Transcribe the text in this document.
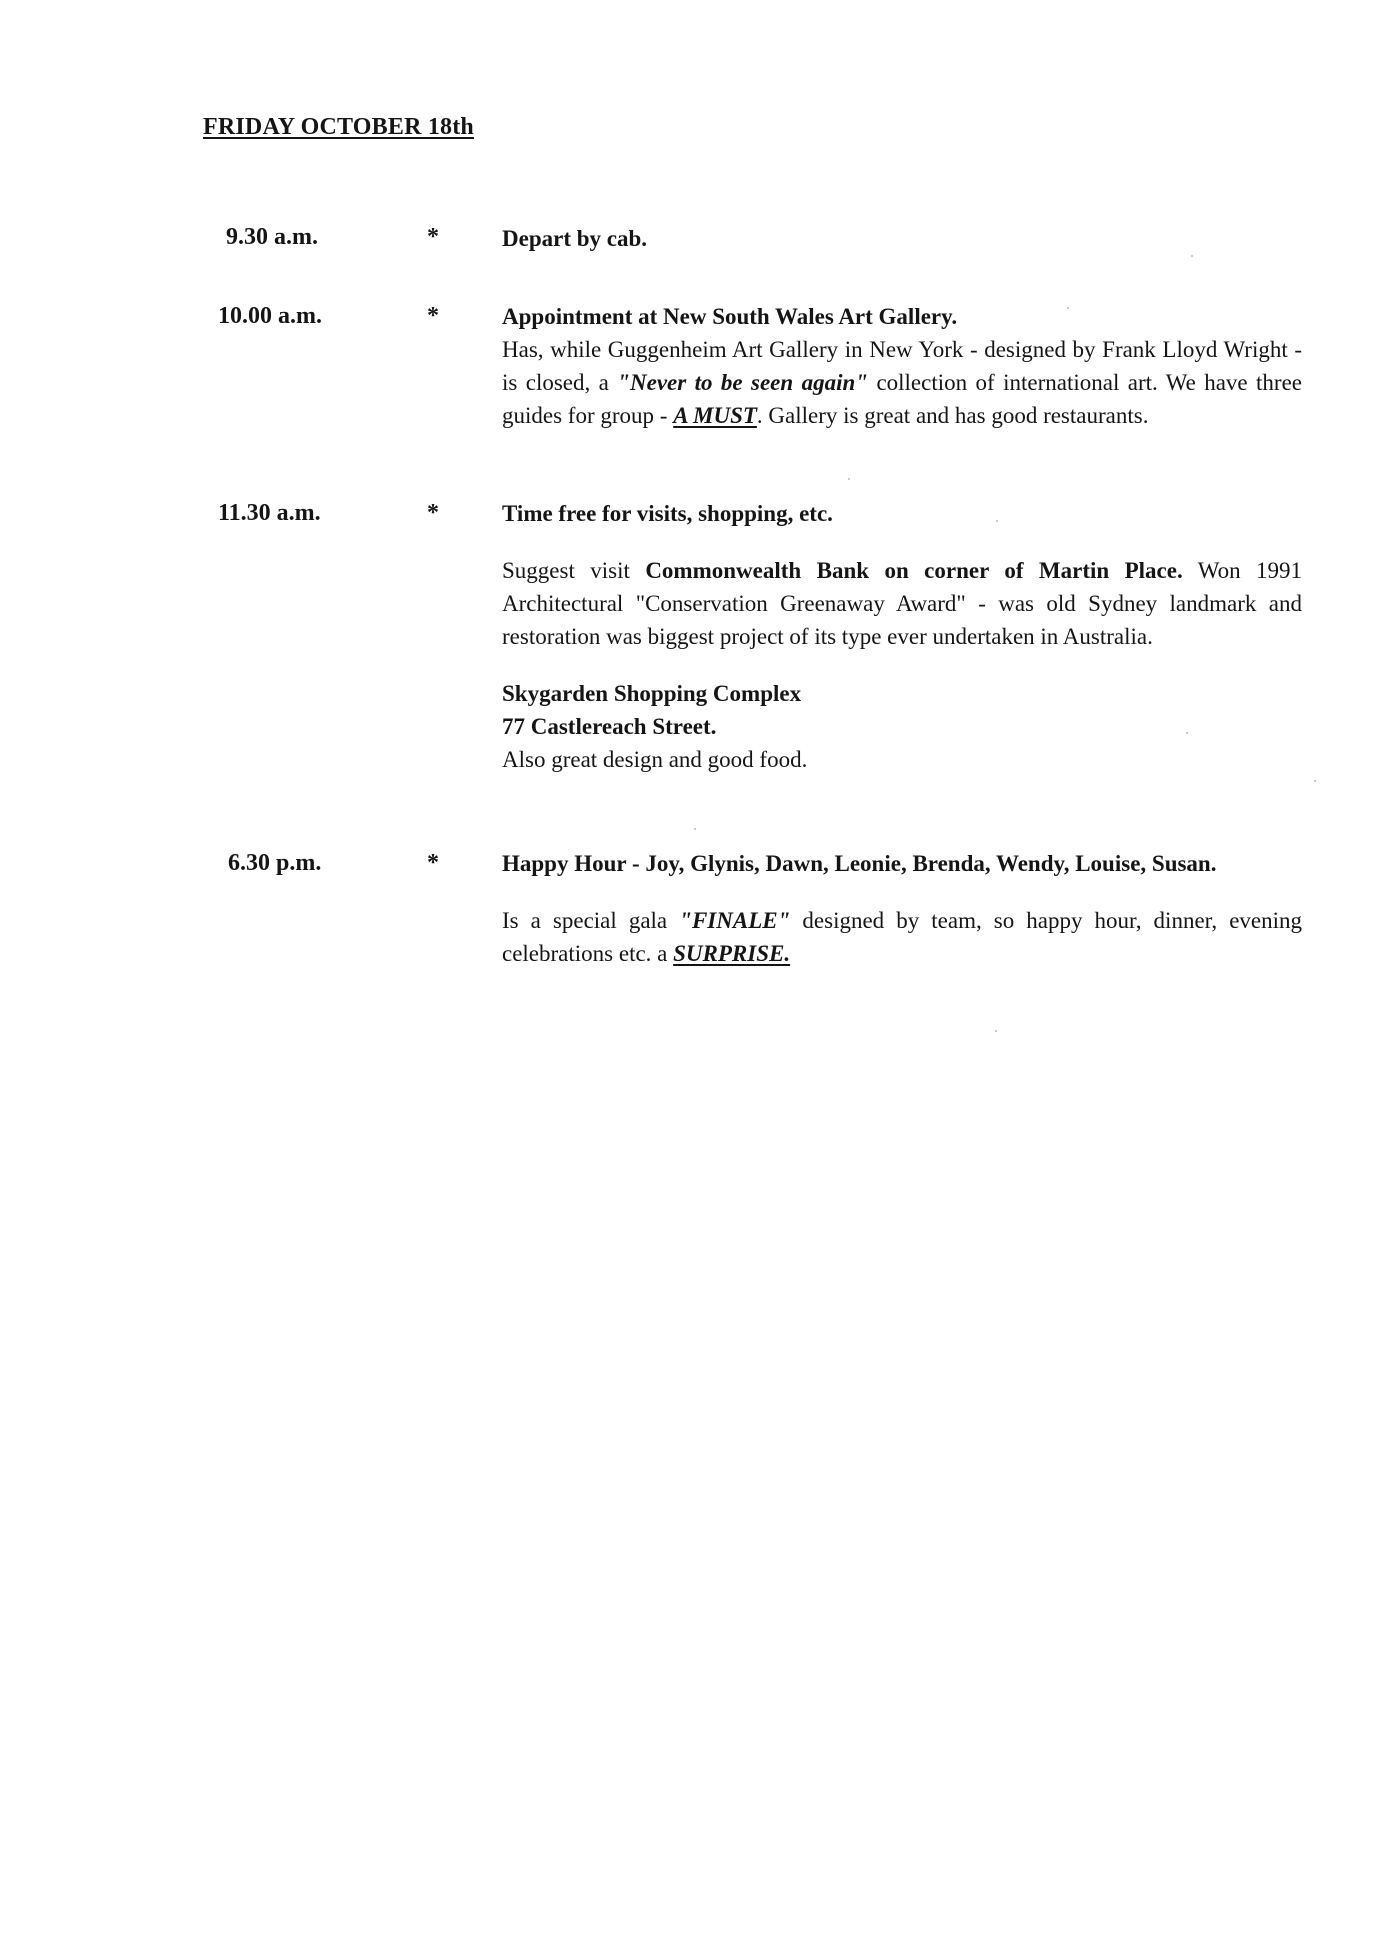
FRIDAY OCTOBER 18th
9.30 a.m.	*	Depart by cab.

10.00 a.m.	*	Appointment at New South Wales Art Gallery.

Has, while Guggenheim Art Gallery in New York - designed by Frank Lloyd Wright - is closed, a "Never to be seen again" collection of international art. We have three guides for group - A MUST. Gallery is great and has good restaurants.

11.30 a.m.	*	Time free for visits, shopping, etc.

Suggest visit Commonwealth Bank on corner of Martin Place. Won 1991 Architectural "Conservation Greenaway Award" - was old Sydney landmark and restoration was biggest project of its type ever undertaken in Australia.

Skygarden Shopping Complex

77 Castlereach Street.

Also great design and good food.

6.30 p.m.	*	Happy Hour - Joy, Glynis, Dawn, Leonie, Brenda, Wendy, Louise, Susan.

Is a special gala "FINALE" designed by team, so happy hour, dinner, evening celebrations etc. a SURPRISE.
